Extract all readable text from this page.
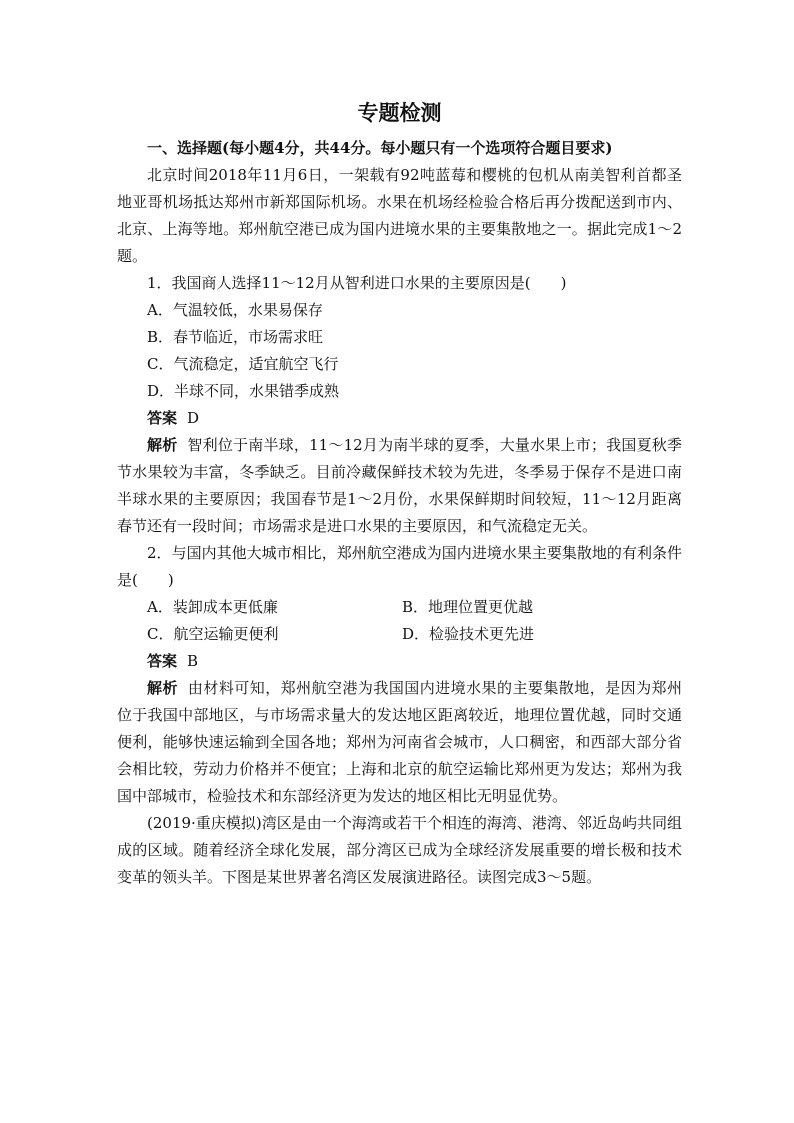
专题检测

一、选择题(每小题4分，共44分。每小题只有一个选项符合题目要求)

北京时间2018年11月6日，一架载有92吨蓝莓和樱桃的包机从南美智利首都圣地亚哥机场抵达郑州市新郑国际机场。水果在机场经检验合格后再分拨配送到市内、北京、上海等地。郑州航空港已成为国内进境水果的主要集散地之一。据此完成1～2题。

1．我国商人选择11～12月从智利进口水果的主要原因是(　　)

A．气温较低，水果易保存

B．春节临近，市场需求旺

C．气流稳定，适宜航空飞行

D．半球不同，水果错季成熟

答案 D

解析 智利位于南半球，11～12月为南半球的夏季，大量水果上市；我国夏秋季节水果较为丰富，冬季缺乏。目前冷藏保鲜技术较为先进，冬季易于保存不是进口南半球水果的主要原因；我国春节是1～2月份，水果保鲜期时间较短，11～12月距离春节还有一段时间；市场需求是进口水果的主要原因，和气流稳定无关。

2．与国内其他大城市相比，郑州航空港成为国内进境水果主要集散地的有利条件是(　　)

A．装卸成本更低廉	B．地理位置更优越
C．航空运输更便利	D．检验技术更先进

答案 B

解析 由材料可知，郑州航空港为我国国内进境水果的主要集散地，是因为郑州位于我国中部地区，与市场需求量大的发达地区距离较近，地理位置优越，同时交通便利，能够快速运输到全国各地；郑州为河南省会城市，人口稠密，和西部大部分省会相比较，劳动力价格并不便宜；上海和北京的航空运输比郑州更为发达；郑州为我国中部城市，检验技术和东部经济更为发达的地区相比无明显优势。

(2019·重庆模拟)湾区是由一个海湾或若干个相连的海湾、港湾、邻近岛屿共同组成的区域。随着经济全球化发展，部分湾区已成为全球经济发展重要的增长极和技术变革的领头羊。下图是某世界著名湾区发展演进路径。读图完成3～5题。
